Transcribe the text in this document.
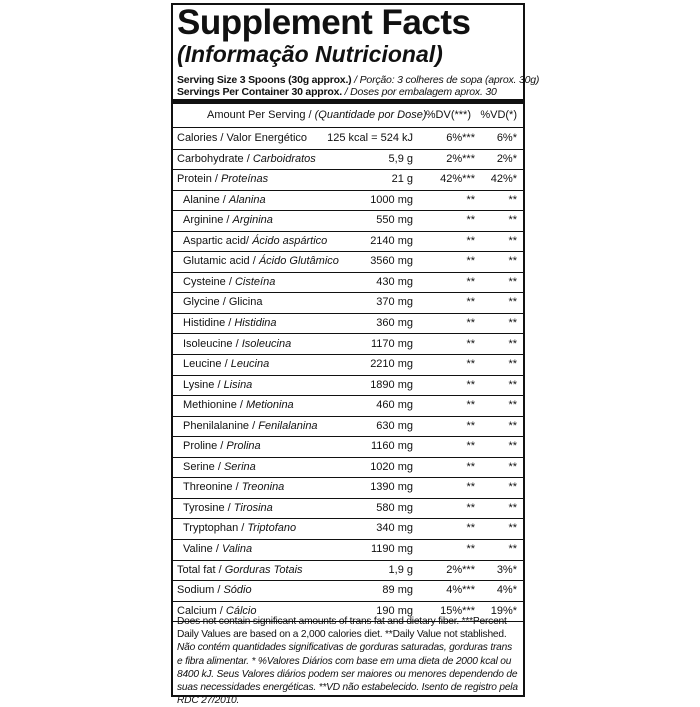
Supplement Facts
(Informação Nutricional)
Serving Size 3 Spoons (30g approx.) / Porção: 3 colheres de sopa (aprox. 30g)
Servings Per Container 30 approx. / Doses por embalagem aprox. 30
Amount Per Serving / (Quantidade por Dose) %DV(***) %VD(*)
Calories / Valor Energético 125 kcal = 524 kJ	6%*** 6%*
Carbohydrate / Carboidratos	5,9 g	2%*** 2%*
Protein / Proteínas	21 g 42%*** 42%*
Alanine / Alanina	1000 mg	**	**
Arginine / Arginina	550 mg	**	**
Aspartic acid/ Ácido aspártico	2140 mg	**	**
Glutamic acid / Ácido Glutâmico	3560 mg	**	**
Cysteine / Cisteína	430 mg	**	**
Glycine / Glicina	370 mg	**	**
Histidine / Histidina	360 mg	**	**
Isoleucine / Isoleucina	1170 mg	**	**
Leucine / Leucina	2210 mg	**	**
Lysine / Lisina	1890 mg	**	**
Methionine / Metionina	460 mg	**	**
Phenilalanine / Fenilalanina	630 mg	**	**
Proline / Prolina	1160 mg	**	**
Serine / Serina	1020 mg	**	**
Threonine / Treonina	1390 mg	**	**
Tyrosine / Tirosina	580 mg	**	**
Tryptophan / Triptofano	340 mg	**	**
Valine / Valina	1190 mg	**	**
Total fat / Gorduras Totais	1,9 g	2%*** 3%*
Sodium / Sódio	89 mg	4%*** 4%*
Calcium / Cálcio	190 mg 15%*** 19%*
Does not contain significant amounts of trans fat and dietary fiber. ***Percent Daily Values are based on a 2,000 calories diet. **Daily Value not stablished. Não contém quantidades significativas de gorduras saturadas, gorduras trans e fibra alimentar. * %Valores Diários com base em uma dieta de 2000 kcal ou 8400 kJ. Seus Valores diários podem ser maiores ou menores dependendo de suas necessidades energéticas. **VD não estabelecido. Isento de registro pela RDC 27/2010.
